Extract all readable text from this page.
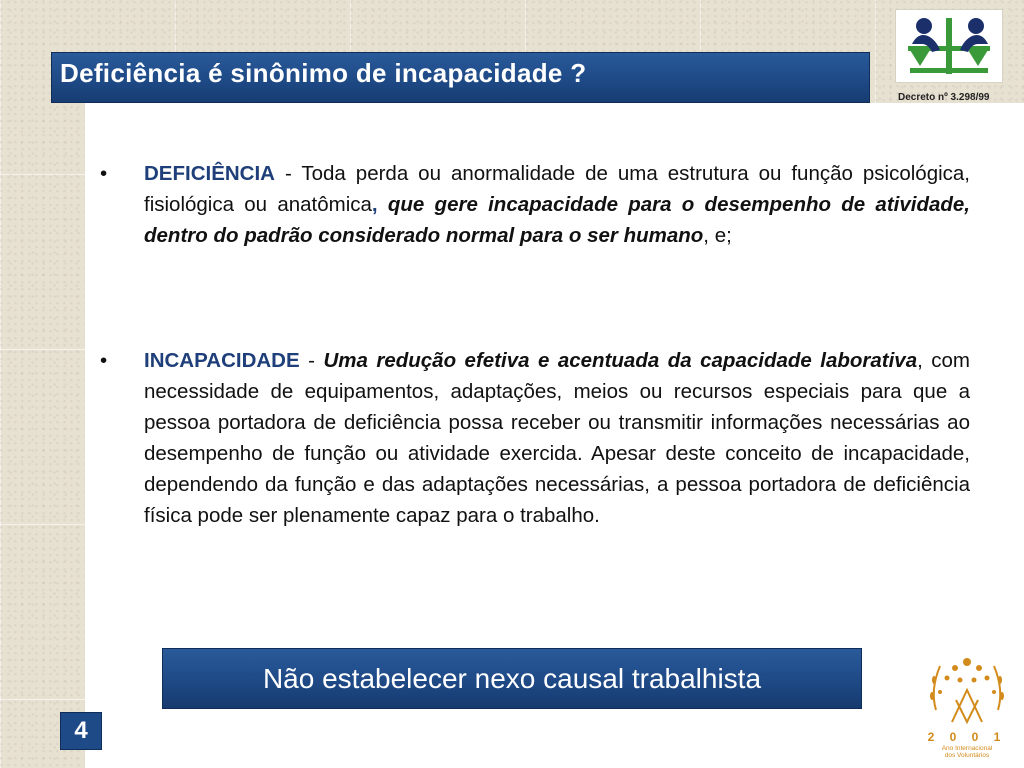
Deficiência é sinônimo de incapacidade ?
Decreto nº 3.298/99
• DEFICIÊNCIA - Toda perda ou anormalidade de uma estrutura ou função psicológica, fisiológica ou anatômica, que gere incapacidade para o desempenho de atividade, dentro do padrão considerado normal para o ser humano, e;

• INCAPACIDADE - Uma redução efetiva e acentuada da capacidade laborativa, com necessidade de equipamentos, adaptações, meios ou recursos especiais para que a pessoa portadora de deficiência possa receber ou transmitir informações necessárias ao desempenho de função ou atividade exercida. Apesar deste conceito de incapacidade, dependendo da função e das adaptações necessárias, a pessoa portadora de deficiência física pode ser plenamente capaz para o trabalho.

Não estabelecer nexo causal trabalhista
4	2 0 0 1
Ano Internacional
dos Voluntários
